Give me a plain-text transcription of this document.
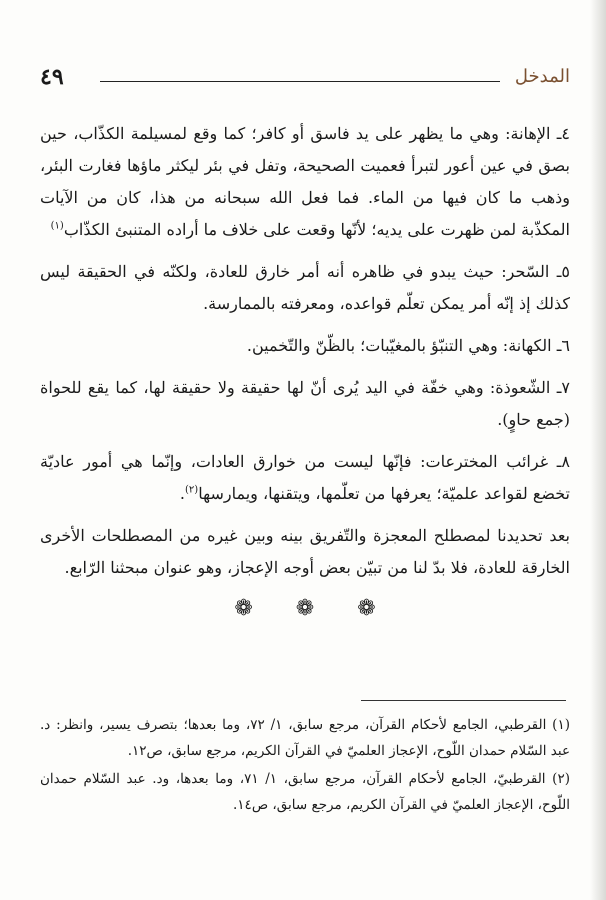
٤٩	المدخل

٤ـ الإهانة: وهي ما يظهر على يد فاسق أو كافر؛ كما وقع لمسيلمة الكذّاب، حين بصق في عين أعور لتبرأ فعميت الصحيحة، وتفل في بئر ليكثر ماؤها فغارت البئر، وذهب ما كان فيها من الماء. فما فعل الله سبحانه من هذا، كان من الآيات المكذّبة لمن ظهرت على يديه؛ لأنّها وقعت على خلاف ما أراده المتنبئ الكذّاب$^{(١)}$

٥ـ السّحر: حيث يبدو في ظاهره أنه أمر خارق للعادة، ولكنّه في الحقيقة ليس كذلك إذ إنّه أمر يمكن تعلّم قواعده، ومعرفته بالممارسة.

٦ـ الكهانة: وهي التنبّؤ بالمغيّبات؛ بالظّنّ والتّخمين.

٧ـ الشّعوذة: وهي خفّة في اليد يُرى أنّ لها حقيقة ولا حقيقة لها، كما يقع للحواة (جمع حاوٍ).

٨ـ غرائب المخترعات: فإنّها ليست من خوارق العادات، وإنّما هي أمور عاديّة تخضع لقواعد علميّة؛ يعرفها من تعلّمها، ويتقنها، ويمارسها$^{(٢)}$.

بعد تحديدنا لمصطلح المعجزة والتّفريق بينه وبين غيره من المصطلحات الأخرى الخارقة للعادة، فلا بدّ لنا من تبيّن بعض أوجه الإعجاز، وهو عنوان مبحثنا الرّابع.

❁ ❁ ❁

(١) القرطبي، الجامع لأحكام القرآن، مرجع سابق، ١/ ٧٢، وما بعدها؛ بتصرف يسير، وانظر: د. عبد السّلام حمدان اللّوح، الإعجاز العلميّ في القرآن الكريم، مرجع سابق، ص١٢.

(٢) القرطبيّ، الجامع لأحكام القرآن، مرجع سابق، ١/ ٧١، وما بعدها، ود. عبد السّلام حمدان اللّوح، الإعجاز العلميّ في القرآن الكريم، مرجع سابق، ص١٤.
